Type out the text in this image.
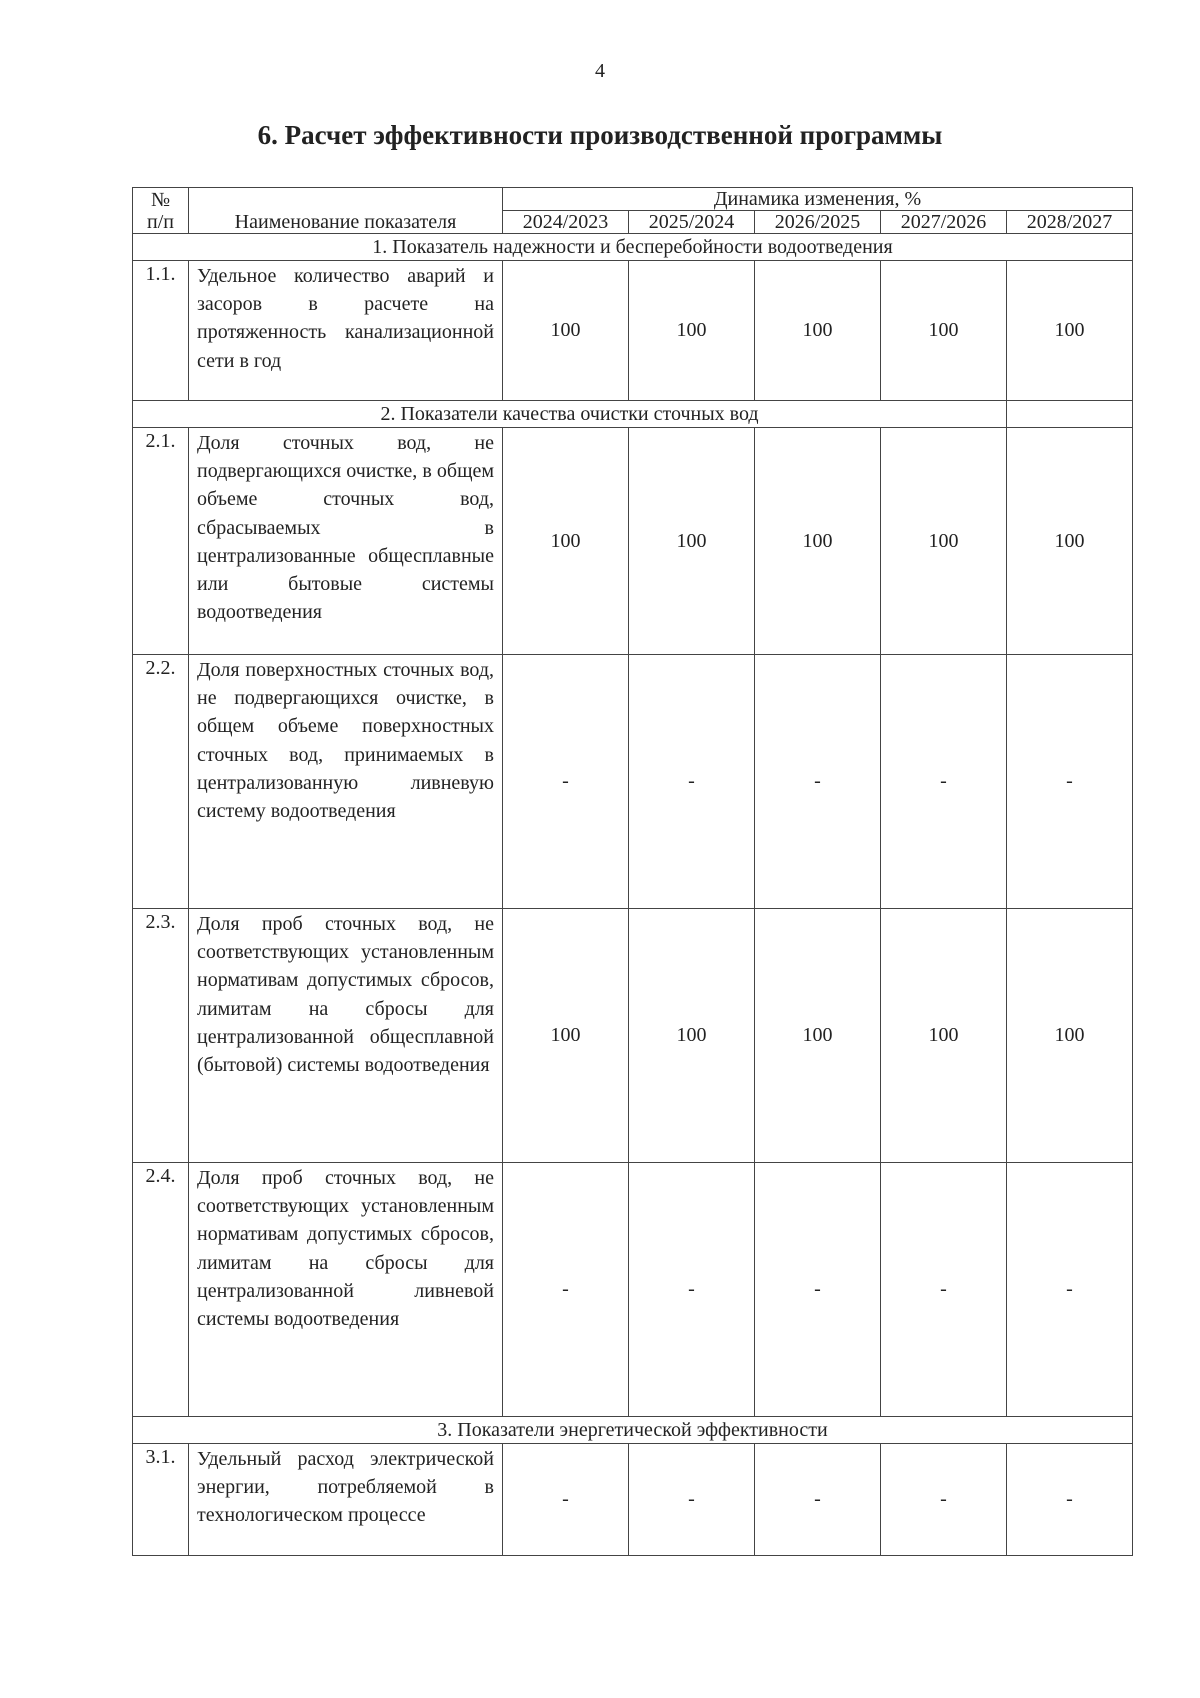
4
6. Расчет эффективности производственной программы
№
п/п	Наименование показателя	Динамика изменения, %				
		2024/2023	2025/2024	2026/2025	2027/2026	2028/2027
1. Показатель надежности и бесперебойности водоотведения						
1.1.	Удельное количество аварий и засоров в расчете на протяженность канализационной сети в год	100	100	100	100	100
2. Показатели качества очистки сточных вод						
2.1.	Доля сточных вод, не подвергающихся очистке, в общем объеме сточных вод, сбрасываемых в централизованные общесплавные или бытовые системы водоотведения	100	100	100	100	100
2.2.	Доля поверхностных сточных вод, не подвергающихся очистке, в общем объеме поверхностных сточных вод, принимаемых в централизованную ливневую систему водоотведения	-	-	-	-	-
2.3.	Доля проб сточных вод, не соответствующих установленным нормативам допустимых сбросов, лимитам на сбросы для централизованной общесплавной (бытовой) системы водоотведения	100	100	100	100	100
2.4.	Доля проб сточных вод, не соответствующих установленным нормативам допустимых сбросов, лимитам на сбросы для централизованной ливневой системы водоотведения	-	-	-	-	-
3. Показатели энергетической эффективности						
3.1.	Удельный расход электрической энергии, потребляемой в технологическом процессе	-	-	-	-	-
